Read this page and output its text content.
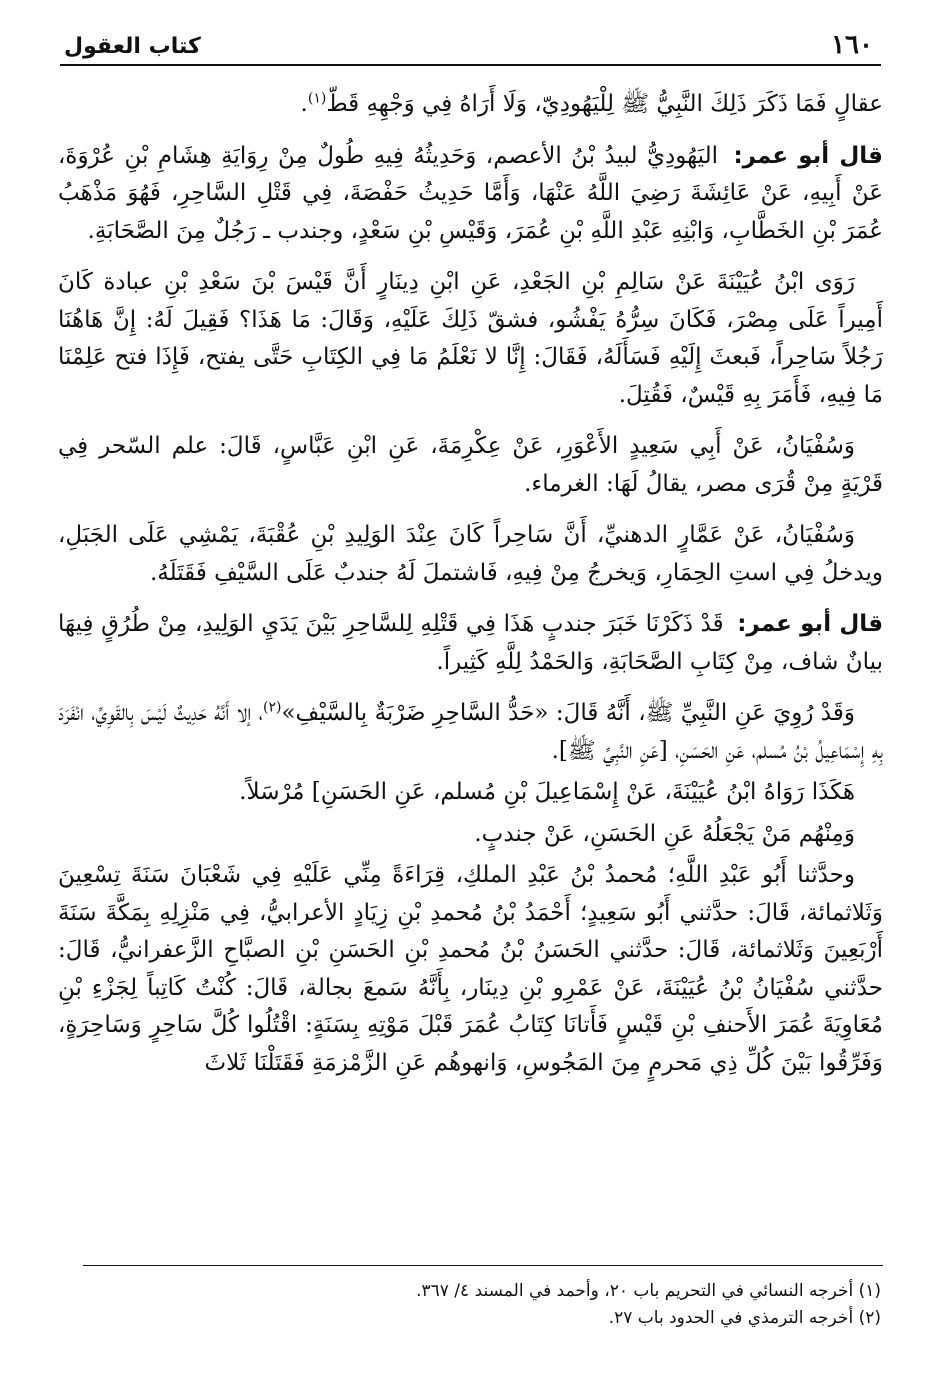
١٦٠
كتاب العقول

عقالٍ فَمَا ذَكَرَ ذَلِكَ النَّبِيُّ ﷺ لِلْيَهُودِيّ، وَلَا أَرَاهُ فِي وَجْهِهِ قَطّ$^{(١)}$.

قال أبو عمر: اليَهُودِيُّ لبيدُ بْنُ الأعصم، وَحَدِيثُهُ فِيهِ طُولٌ مِنْ رِوَايَةِ هِشَامِ بْنِ عُرْوَةَ، عَنْ أَبِيهِ، عَنْ عَائِشَةَ رَضِيَ اللَّهُ عَنْهَا، وَأَمَّا حَدِيثُ حَفْصَةَ، فِي قَتْلِ السَّاحِرِ، فَهُوَ مَذْهَبُ عُمَرَ بْنِ الخَطَّابِ، وَابْنِهِ عَبْدِ اللَّهِ بْنِ عُمَرَ، وَقَيْسِ بْنِ سَعْدٍ، وجندب ـ رَجُلٌ مِنَ الصَّحَابَةِ.

رَوَى ابْنُ عُيَيْنَةَ عَنْ سَالِمِ بْنِ الجَعْدِ، عَنِ ابْنِ دِينَارٍ أَنَّ قَيْسَ بْنَ سَعْدِ بْنِ عبادة كَانَ أَمِيراً عَلَى مِصْرَ، فَكَانَ سِرُّهُ يَفْشُو، فشقّ ذَلِكَ عَلَيْهِ، وَقَالَ: مَا هَذَا؟ فَقِيلَ لَهُ: إِنَّ هَاهُنَا رَجُلاً سَاحِراً، فَبعثَ إِلَيْهِ فَسَأَلَهُ، فَقَالَ: إِنَّا لا نَعْلَمُ مَا فِي الكِتَابِ حَتَّى يفتح، فَإِذَا فتح عَلِمْنَا مَا فِيهِ، فَأَمَرَ بِهِ قَيْسٌ، فَقُتِلَ.

وَسُفْيَانُ، عَنْ أَبِي سَعِيدٍ الأَعْوَرِ، عَنْ عِكْرِمَةَ، عَنِ ابْنِ عَبَّاسٍ، قَالَ: علم السّحر فِي قَرْيَةٍ مِنْ قُرَى مصر، يقالُ لَهَا: الغرماء.

وَسُفْيَانُ، عَنْ عَمَّارٍ الدهنيِّ، أَنَّ سَاحِراً كَانَ عِنْدَ الوَلِيدِ بْنِ عُقْبَةَ، يَمْشِي عَلَى الجَبَلِ، ويدخلُ فِي استِ الحِمَارِ، وَيخرجُ مِنْ فِيهِ، فَاشتملَ لَهُ جندبٌ عَلَى السَّيْفِ فَقَتَلَهُ.

قال أبو عمر: قَدْ ذَكَرْنَا خَبَرَ جندبٍ هَذَا فِي قَتْلِهِ لِلسَّاحِرِ بَيْنَ يَدَيِ الوَلِيدِ، مِنْ طُرُقٍ فِيهَا بيانٌ شاف، مِنْ كِتَابِ الصَّحَابَةِ، وَالحَمْدُ لِلَّهِ كَثِيراً.

وَقَدْ رُوِيَ عَنِ النَّبِيِّ ﷺ، أَنَّهُ قَالَ: «حَدُّ السَّاحِرِ ضَرْبَةٌ بِالسَّيْفِ»$^{(٢)}$، إلا أَنَّهُ حَدِيثٌ لَيْسَ بِالقَوِيِّ، انْفَرَدَ بِهِ إِسْمَاعِيلُ بْنُ مُسلم، عَنِ الحَسَنِ، [عَنِ النَّبِيِّ ﷺ].

هَكَذَا رَوَاهُ ابْنُ عُيَيْنَةَ، عَنْ إِسْمَاعِيلَ بْنِ مُسلم، عَنِ الحَسَنِ] مُرْسَلاً.

وَمِنْهُم مَنْ يَجْعَلُهُ عَنِ الحَسَنِ، عَنْ جندبٍ.

وحدَّثنا أَبُو عَبْدِ اللَّهِ؛ مُحمدُ بْنُ عَبْدِ الملكِ، قِرَاءَةً مِنِّي عَلَيْهِ فِي شَعْبَانَ سَنَةَ تِسْعِينَ وَثَلاثمائة، قَالَ: حدَّثني أَبُو سَعِيدٍ؛ أَحْمَدُ بْنُ مُحمدِ بْنِ زِيَادٍ الأعرابيُّ، فِي مَنْزِلِهِ بِمَكَّةَ سَنَةَ أَرْبَعِينَ وَثَلاثمائة، قَالَ: حدَّثني الحَسَنُ بْنُ مُحمدِ بْنِ الحَسَنِ بْنِ الصبَّاحِ الزَّعفرانيُّ، قَالَ: حدَّثني سُفْيَانُ بْنُ عُيَيْنَةَ، عَنْ عَمْرِو بْنِ دِينَار، بِأَنَّهُ سَمعَ بجالة، قَالَ: كُنْتُ كَاتِباً لِجَزْءِ بْنِ مُعَاوِيَةَ عُمَرَ الأَحنفِ بْنِ قَيْسٍ فَأَتانَا كِتَابُ عُمَرَ قَبْلَ مَوْتِهِ بِسَنَةٍ: اقْتُلُوا كُلَّ سَاحِرٍ وَسَاحِرَةٍ، وَفَرِّقُوا بَيْنَ كُلِّ ذِي مَحرمٍ مِنَ المَجُوسِ، وَانهوهُم عَنِ الزَّمْزمَةِ فَقَتَلْنَا ثَلاثَ

(١) أخرجه النسائي في التحريم باب ٢٠، وأحمد في المسند ٤/ ٣٦٧.

(٢) أخرجه الترمذي في الحدود باب ٢٧.
